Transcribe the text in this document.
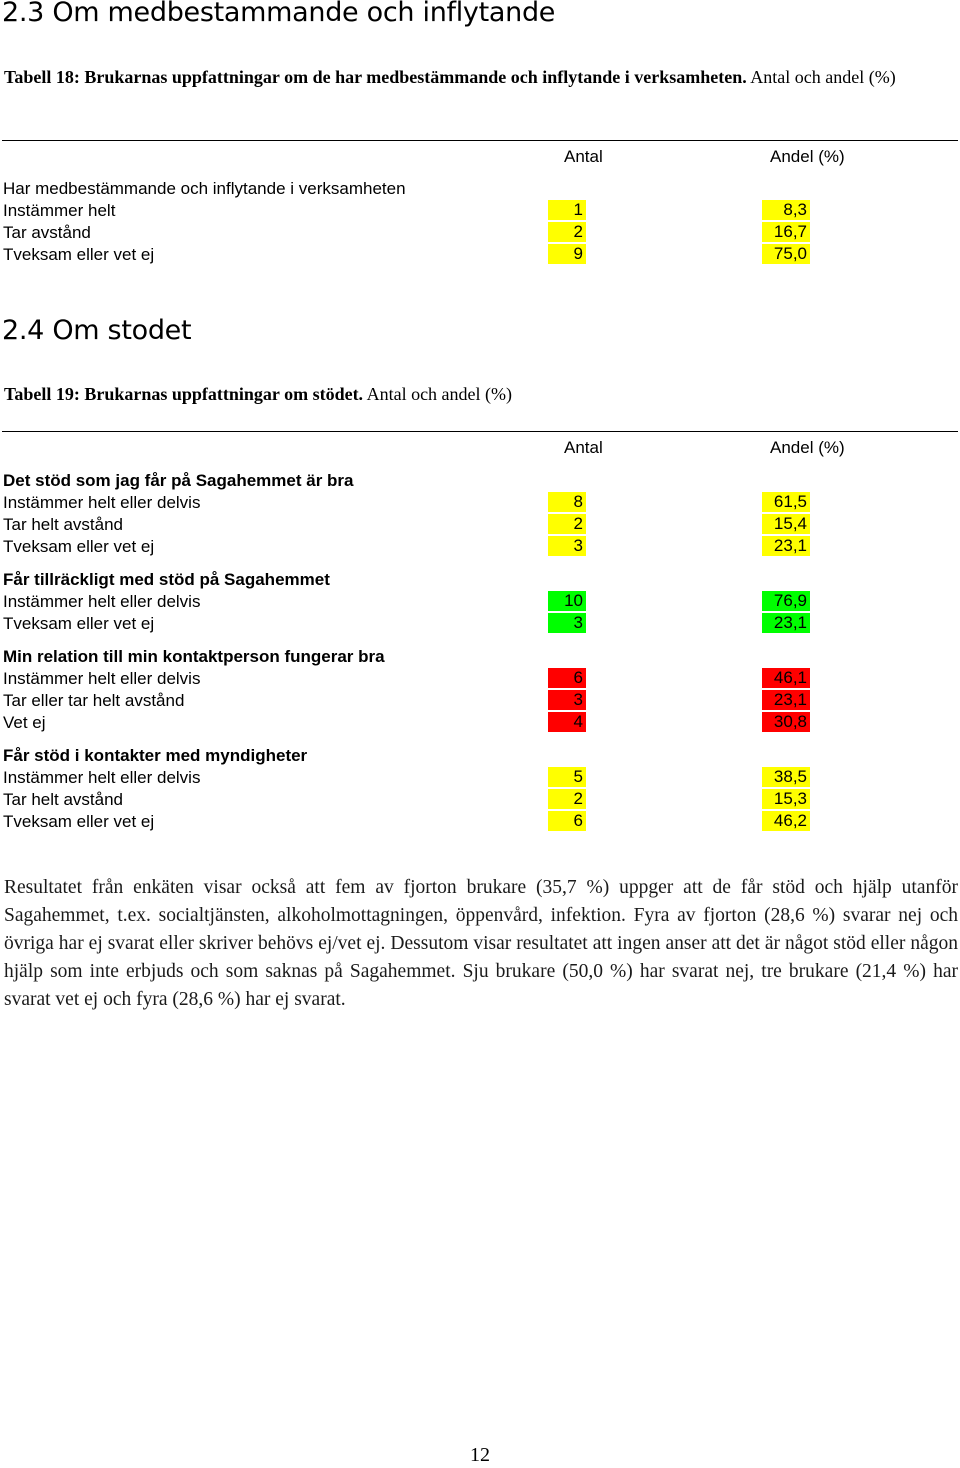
2.3 Om medbestammande och inflytande
Tabell 18: Brukarnas uppfattningar om de har medbestämmande och inflytande i verksamheten. Antal och andel (%)
Antal	Andel (%)
Har medbestämmande och inflytande i verksamheten
Instämmer helt	1	8,3
Tar avstånd	2	16,7
Tveksam eller vet ej	9	75,0
2.4 Om stodet
Tabell 19: Brukarnas uppfattningar om stödet. Antal och andel (%)
Antal	Andel (%)
Det stöd som jag får på Sagahemmet är bra
Instämmer helt eller delvis	8	61,5
Tar helt avstånd	2	15,4
Tveksam eller vet ej	3	23,1
Får tillräckligt med stöd på Sagahemmet
Instämmer helt eller delvis	10	76,9
Tveksam eller vet ej	3	23,1
Min relation till min kontaktperson fungerar bra
Instämmer helt eller delvis	6	46,1
Tar eller tar helt avstånd	3	23,1
Vet ej	4	30,8
Får stöd i kontakter med myndigheter
Instämmer helt eller delvis	5	38,5
Tar helt avstånd	2	15,3
Tveksam eller vet ej	6	46,2
Resultatet från enkäten visar också att fem av fjorton brukare (35,7 %) uppger att de får stöd och hjälp utanför Sagahemmet, t.ex. socialtjänsten, alkoholmottagningen, öppenvård, infektion. Fyra av fjorton (28,6 %) svarar nej och övriga har ej svarat eller skriver behövs ej/vet ej. Dessutom visar resultatet att ingen anser att det är något stöd eller någon hjälp som inte erbjuds och som saknas på Sagahemmet. Sju brukare (50,0 %) har svarat nej, tre brukare (21,4 %) har svarat vet ej och fyra (28,6 %) har ej svarat.
12
